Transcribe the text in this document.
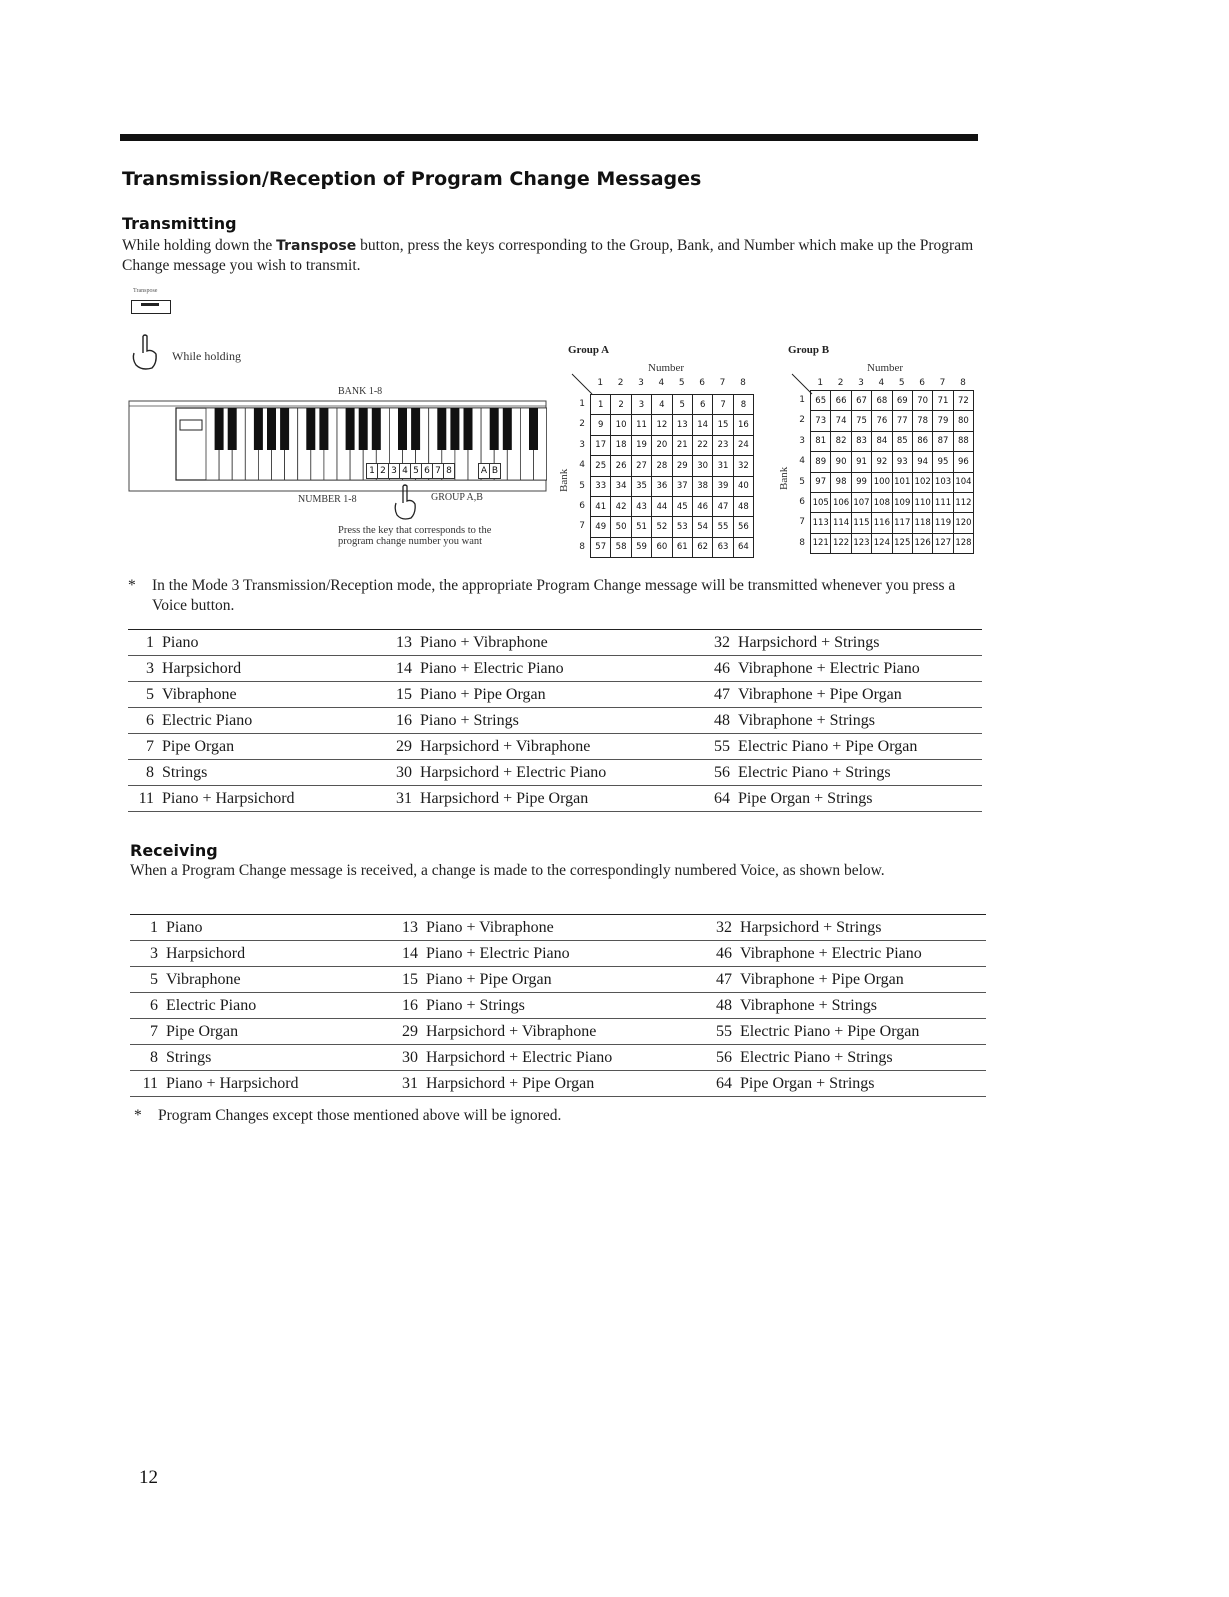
Transmission/Reception of Program Change Messages
Transmitting

While holding down the Transpose button, press the keys corresponding to the Group, Bank, and Number which make up the Program Change message you wish to transmit.

Transpose
While holding
BANK 1-8
1 2 3 4 5 6 7 8	A B
NUMBER 1-8	GROUP A,B
Press the key that corresponds to the program change number you want
Group A
Number
1	2	3	4	5	6	7	8
1
2
3
4
5
6
7
8
Bank
1	2	3	4	5	6	7	8
9	10	11	12	13	14	15	16
17	18	19	20	21	22	23	24
25	26	27	28	29	30	31	32
33	34	35	36	37	38	39	40
41	42	43	44	45	46	47	48
49	50	51	52	53	54	55	56
57	58	59	60	61	62	63	64
Group B
Number
1	2	3	4	5	6	7	8
1
2
3
4
5
6
7
8
Bank
65	66	67	68	69	70	71	72
73	74	75	76	77	78	79	80
81	82	83	84	85	86	87	88
89	90	91	92	93	94	95	96
97	98	99 100 101 102 103 104
105 106 107 108 109 110 111 112
113 114 115 116 117 118 119 120
121 122 123 124 125 126 127 128

* In the Mode 3 Transmission/Reception mode, the appropriate Program Change message will be transmitted whenever you press a Voice button.

1 Piano	13 Piano + Vibraphone	32 Harpsichord + Strings
3 Harpsichord	14 Piano + Electric Piano	46 Vibraphone + Electric Piano
5 Vibraphone	15 Piano + Pipe Organ	47 Vibraphone + Pipe Organ
6 Electric Piano	16 Piano + Strings	48 Vibraphone + Strings
7 Pipe Organ	29 Harpsichord + Vibraphone	55 Electric Piano + Pipe Organ
8 Strings	30 Harpsichord + Electric Piano	56 Electric Piano + Strings
11 Piano + Harpsichord	31 Harpsichord + Pipe Organ	64 Pipe Organ + Strings
Receiving

When a Program Change message is received, a change is made to the correspondingly numbered Voice, as shown below.

1 Piano	13 Piano + Vibraphone	32 Harpsichord + Strings
3 Harpsichord	14 Piano + Electric Piano	46 Vibraphone + Electric Piano
5 Vibraphone	15 Piano + Pipe Organ	47 Vibraphone + Pipe Organ
6 Electric Piano	16 Piano + Strings	48 Vibraphone + Strings
7 Pipe Organ	29 Harpsichord + Vibraphone	55 Electric Piano + Pipe Organ
8 Strings	30 Harpsichord + Electric Piano	56 Electric Piano + Strings
11 Piano + Harpsichord	31 Harpsichord + Pipe Organ	64 Pipe Organ + Strings

* Program Changes except those mentioned above will be ignored.

12
